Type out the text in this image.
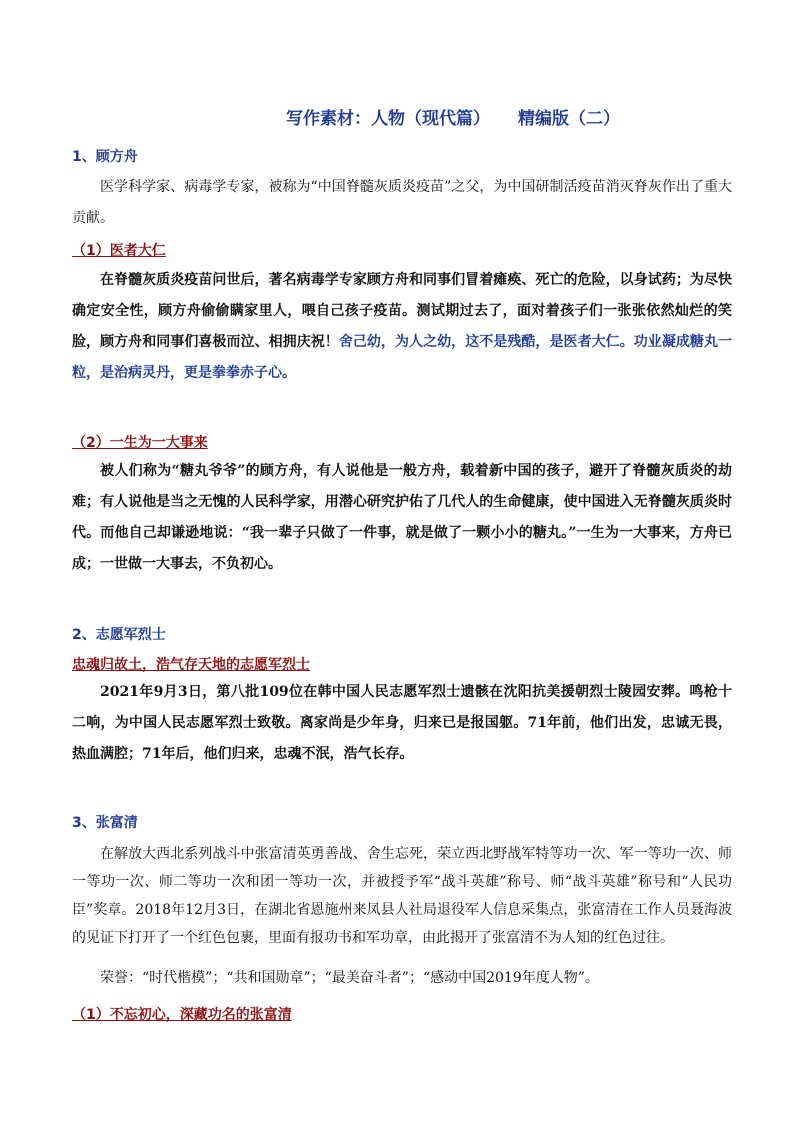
写作素材：人物（现代篇） 精编版（二）
1、顾方舟
医学科学家、病毒学专家，被称为“中国脊髓灰质炎疫苗”之父，为中国研制活疫苗消灭脊灰作出了重大贡献。
（1）医者大仁
在脊髓灰质炎疫苗问世后，著名病毒学专家顾方舟和同事们冒着瘫痪、死亡的危险，以身试药；为尽快确定安全性，顾方舟偷偷瞒家里人，喂自己孩子疫苗。测试期过去了，面对着孩子们一张张依然灿烂的笑脸，顾方舟和同事们喜极而泣、相拥庆祝！舍己幼，为人之幼，这不是残酷，是医者大仁。功业凝成糖丸一粒，是治病灵丹，更是拳拳赤子心。
（2）一生为一大事来
被人们称为“糖丸爷爷”的顾方舟，有人说他是一般方舟，载着新中国的孩子，避开了脊髓灰质炎的劫难；有人说他是当之无愧的人民科学家，用潜心研究护佑了几代人的生命健康，使中国进入无脊髓灰质炎时代。而他自己却谦逊地说：“我一辈子只做了一件事，就是做了一颗小小的糖丸。”一生为一大事来，方舟已成；一世做一大事去，不负初心。
2、志愿军烈士
忠魂归故土，浩气存天地的志愿军烈士
2021年9月3日，第八批109位在韩中国人民志愿军烈士遗骸在沈阳抗美援朝烈士陵园安葬。鸣枪十二响，为中国人民志愿军烈士致敬。离家尚是少年身，归来已是报国躯。71年前，他们出发，忠诚无畏，热血满腔；71年后，他们归来，忠魂不泯，浩气长存。
3、张富清
在解放大西北系列战斗中张富清英勇善战、舍生忘死，荣立西北野战军特等功一次、军一等功一次、师一等功一次、师二等功一次和团一等功一次，并被授予军“战斗英雄”称号、师“战斗英雄”称号和“人民功臣”奖章。2018年12月3日，在湖北省恩施州来凤县人社局退役军人信息采集点，张富清在工作人员聂海波的见证下打开了一个红色包裹，里面有报功书和军功章，由此揭开了张富清不为人知的红色过往。
荣誉：“时代楷模”；“共和国勋章”；“最美奋斗者”；“感动中国2019年度人物”。
（1）不忘初心，深藏功名的张富清
